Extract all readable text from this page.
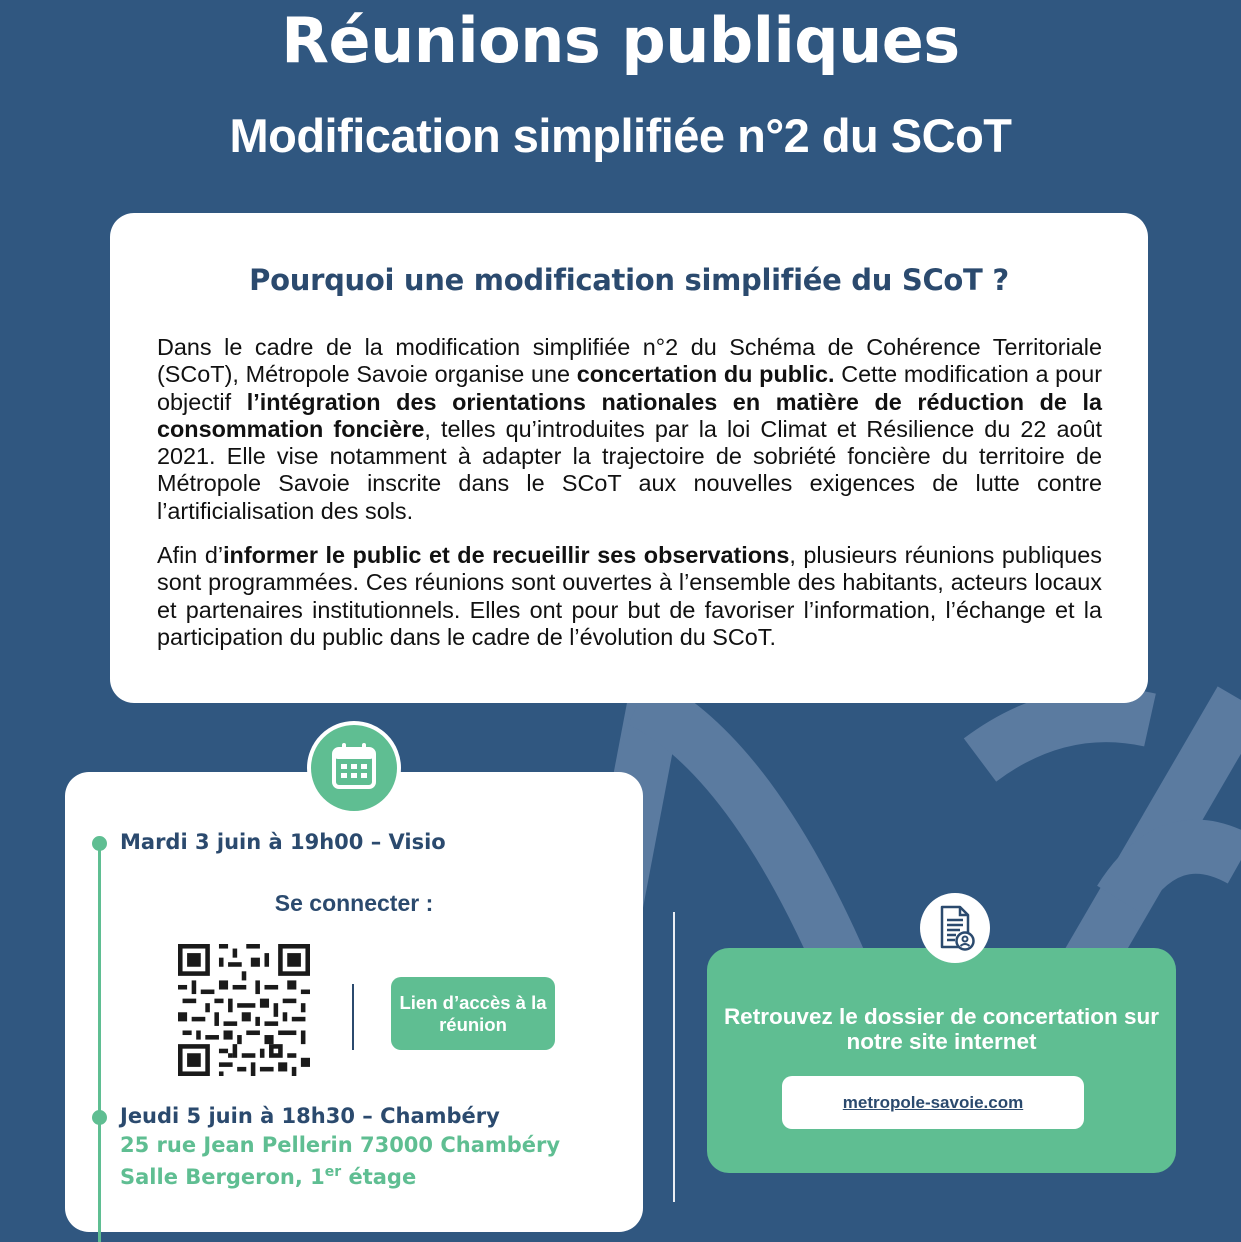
Réunions publiques
Modification simplifiée n°2 du SCoT
Pourquoi une modification simplifiée du SCoT ?

Dans le cadre de la modification simplifiée n°2 du Schéma de Cohérence Territoriale (SCoT), Métropole Savoie organise une concertation du public. Cette modification a pour objectif l’intégration des orientations nationales en matière de réduction de la consommation foncière, telles qu’introduites par la loi Climat et Résilience du 22 août 2021. Elle vise notamment à adapter la trajectoire de sobriété foncière du territoire de Métropole Savoie inscrite dans le SCoT aux nouvelles exigences de lutte contre l’artificialisation des sols.

Afin d’informer le public et de recueillir ses observations, plusieurs réunions publiques sont programmées. Ces réunions sont ouvertes à l’ensemble des habitants, acteurs locaux et partenaires institutionnels. Elles ont pour but de favoriser l’information, l’échange et la participation du public dans le cadre de l’évolution du SCoT.

Mardi 3 juin à 19h00 – Visio
Se connecter :
Lien d’accès à la réunion
Jeudi 5 juin à 18h30 – Chambéry
25 rue Jean Pellerin 73000 Chambéry
Salle Bergeron, 1er étage
Retrouvez le dossier de concertation sur notre site internet
metropole-savoie.com
